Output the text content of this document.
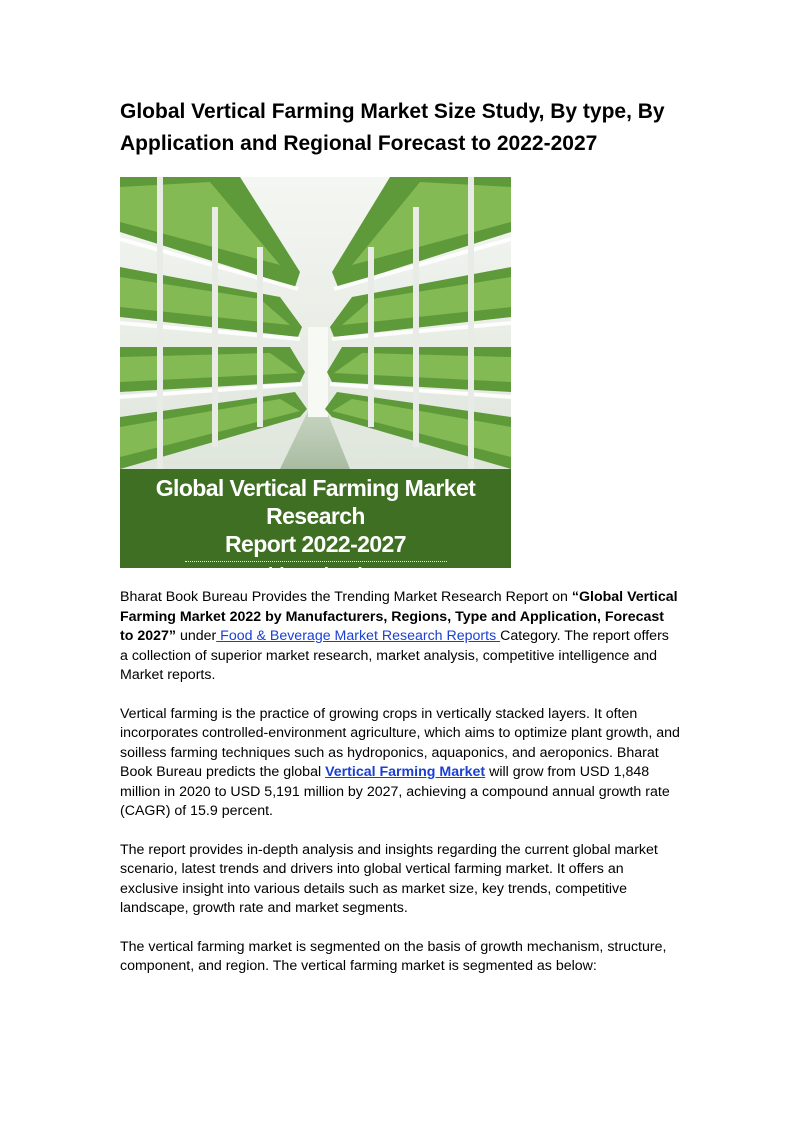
Global Vertical Farming Market Size Study, By type, By Application and Regional Forecast to 2022-2027
Global Vertical Farming Market Research
Report 2022-2027
www.bharatbook.com

Bharat Book Bureau Provides the Trending Market Research Report on “Global Vertical Farming Market 2022 by Manufacturers, Regions, Type and Application, Forecast to 2027” under Food & Beverage Market Research Reports Category. The report offers a collection of superior market research, market analysis, competitive intelligence and Market reports.

Vertical farming is the practice of growing crops in vertically stacked layers. It often incorporates controlled-environment agriculture, which aims to optimize plant growth, and soilless farming techniques such as hydroponics, aquaponics, and aeroponics. Bharat Book Bureau predicts the global Vertical Farming Market will grow from USD 1,848 million in 2020 to USD 5,191 million by 2027, achieving a compound annual growth rate (CAGR) of 15.9 percent.

The report provides in-depth analysis and insights regarding the current global market scenario, latest trends and drivers into global vertical farming market. It offers an exclusive insight into various details such as market size, key trends, competitive landscape, growth rate and market segments.

The vertical farming market is segmented on the basis of growth mechanism, structure, component, and region. The vertical farming market is segmented as below:
